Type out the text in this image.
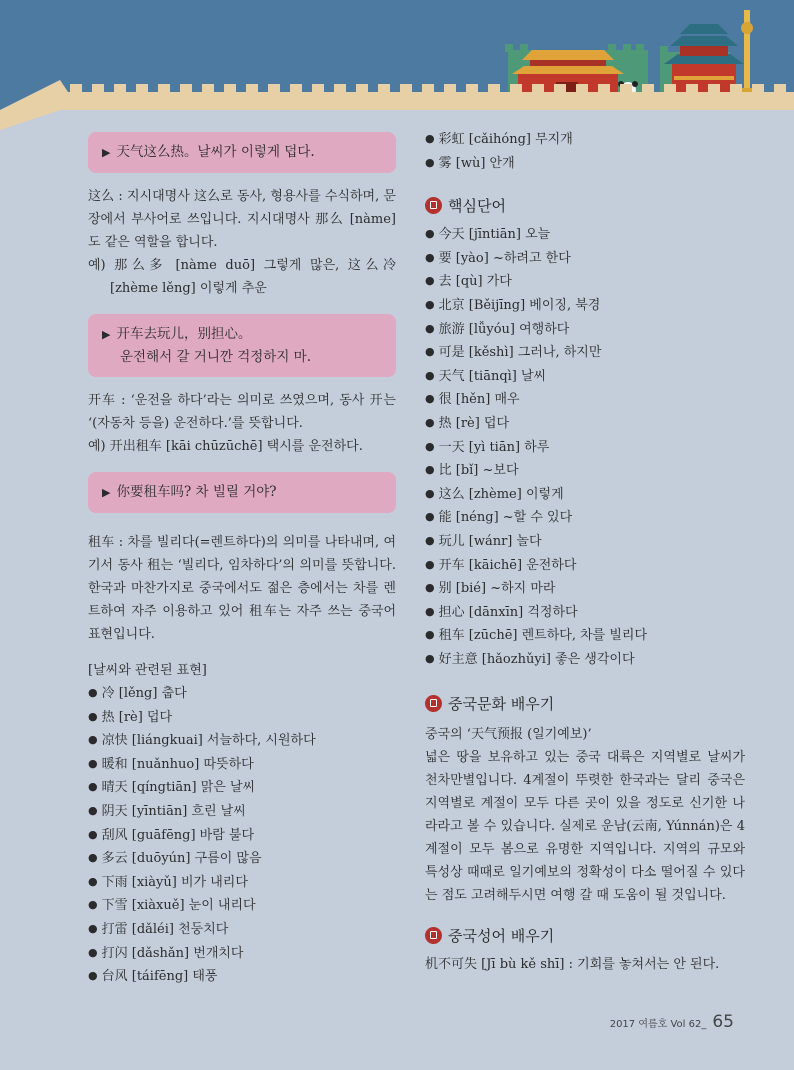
▶ 天气这么热。날씨가 이렇게 덥다.

这么 : 지시대명사 这么로 동사, 형용사를 수식하며, 문장에서 부사어로 쓰입니다. 지시대명사 那么 [nàme] 도 같은 역할을 합니다.

예) 那么多 [nàme duō] 그렇게 많은, 这么冷 [zhème lěng] 이렇게 추운

▶ 开车去玩儿，别担心。
운전해서 갈 거니깐 걱정하지 마.

开车 : ‘운전을 하다’라는 의미로 쓰였으며, 동사 开는 ‘(자동차 등을) 운전하다.’를 뜻합니다.

예) 开出租车 [kāi chūzūchē] 택시를 운전하다.

▶ 你要租车吗? 차 빌릴 거야?

租车 : 차를 빌리다(=렌트하다)의 의미를 나타내며, 여기서 동사 租는 ‘빌리다, 임차하다’의 의미를 뜻합니다. 한국과 마찬가지로 중국에서도 젊은 층에서는 차를 렌트하여 자주 이용하고 있어 租车는 자주 쓰는 중국어 표현입니다.

[날씨와 관련된 표현]
● 冷 [lěng] 춥다
● 热 [rè] 덥다
● 凉快 [liángkuai] 서늘하다, 시원하다
● 暖和 [nuǎnhuo] 따뜻하다
● 晴天 [qíngtiān] 맑은 날씨
● 阴天 [yīntiān] 흐린 날씨
● 刮风 [guāfēng] 바람 불다
● 多云 [duōyún] 구름이 많음
● 下雨 [xiàyǔ] 비가 내리다
● 下雪 [xiàxuě] 눈이 내리다
● 打雷 [dǎléi] 천둥치다
● 打闪 [dǎshǎn] 번개치다
● 台风 [táifēng] 태풍
● 彩虹 [cǎihóng] 무지개
● 雾 [wù] 안개
핵심단어
● 今天 [jīntiān] 오늘
● 要 [yào] ~하려고 한다
● 去 [qù] 가다
● 北京 [Běijīng] 베이징, 북경
● 旅游 [lǚyóu] 여행하다
● 可是 [kěshì] 그러나, 하지만
● 天气 [tiānqì] 날씨
● 很 [hěn] 매우
● 热 [rè] 덥다
● 一天 [yì tiān] 하루
● 比 [bǐ] ~보다
● 这么 [zhème] 이렇게
● 能 [néng] ~할 수 있다
● 玩儿 [wánr] 놀다
● 开车 [kāichē] 운전하다
● 别 [bié] ~하지 마라
● 担心 [dānxīn] 걱정하다
● 租车 [zūchē] 렌트하다, 차를 빌리다
● 好主意 [hǎozhǔyi] 좋은 생각이다
중국문화 배우기
중국의 ‘天气预报 (일기예보)’

넓은 땅을 보유하고 있는 중국 대륙은 지역별로 날씨가 천차만별입니다. 4계절이 뚜렷한 한국과는 달리 중국은 지역별로 계절이 모두 다른 곳이 있을 정도로 신기한 나라라고 볼 수 있습니다. 실제로 운남(云南, Yúnnán)은 4계절이 모두 봄으로 유명한 지역입니다. 지역의 규모와 특성상 때때로 일기예보의 정확성이 다소 떨어질 수 있다는 점도 고려해두시면 여행 갈 때 도움이 될 것입니다.

중국성어 배우기

机不可失 [Jī bù kě shī] : 기회를 놓쳐서는 안 된다.

2017 여름호 Vol 62_ 65
